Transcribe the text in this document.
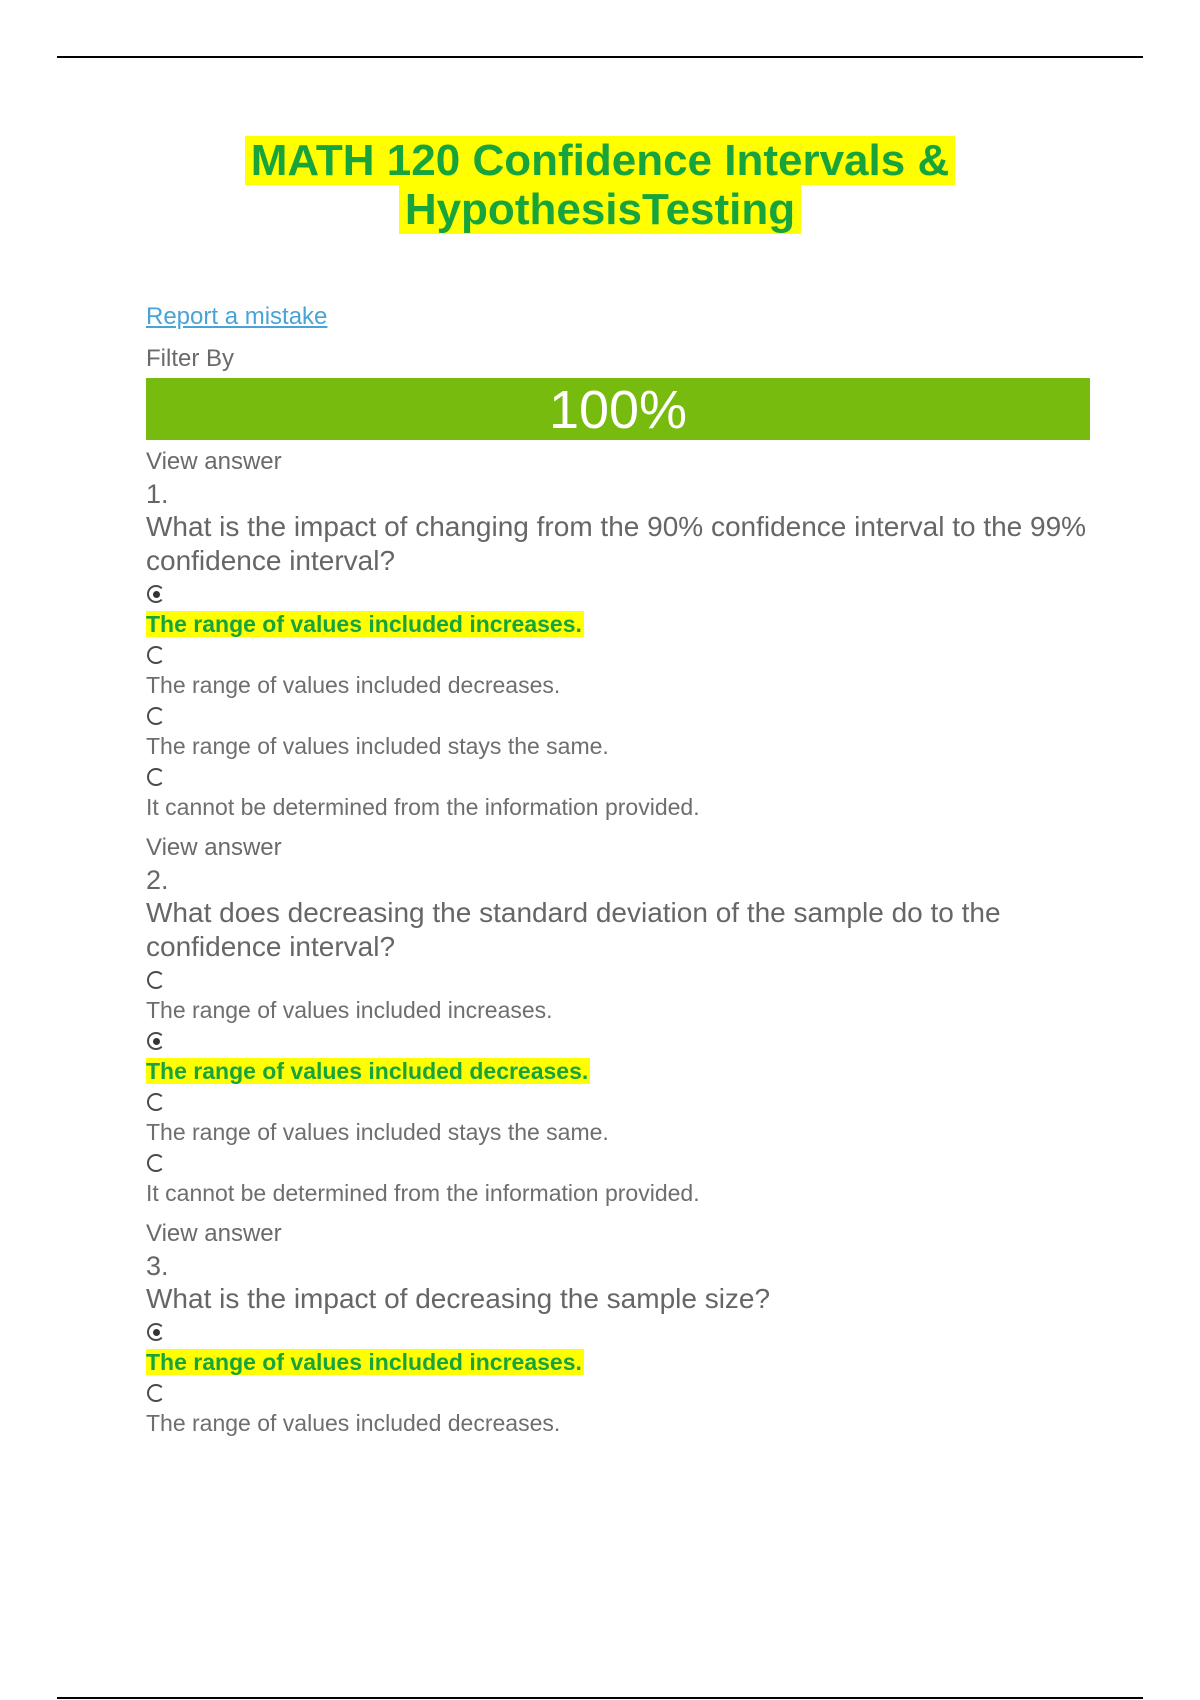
MATH 120 Confidence Intervals &
HypothesisTesting
Report a mistake
Filter By
100%
View answer
1.
What is the impact of changing from the 90% confidence interval to the 99% confidence interval?
The range of values included increases.
The range of values included decreases.
The range of values included stays the same.
It cannot be determined from the information provided.
View answer
2.
What does decreasing the standard deviation of the sample do to the confidence interval?
The range of values included increases.
The range of values included decreases.
The range of values included stays the same.
It cannot be determined from the information provided.
View answer
3.
What is the impact of decreasing the sample size?
The range of values included increases.
The range of values included decreases.
